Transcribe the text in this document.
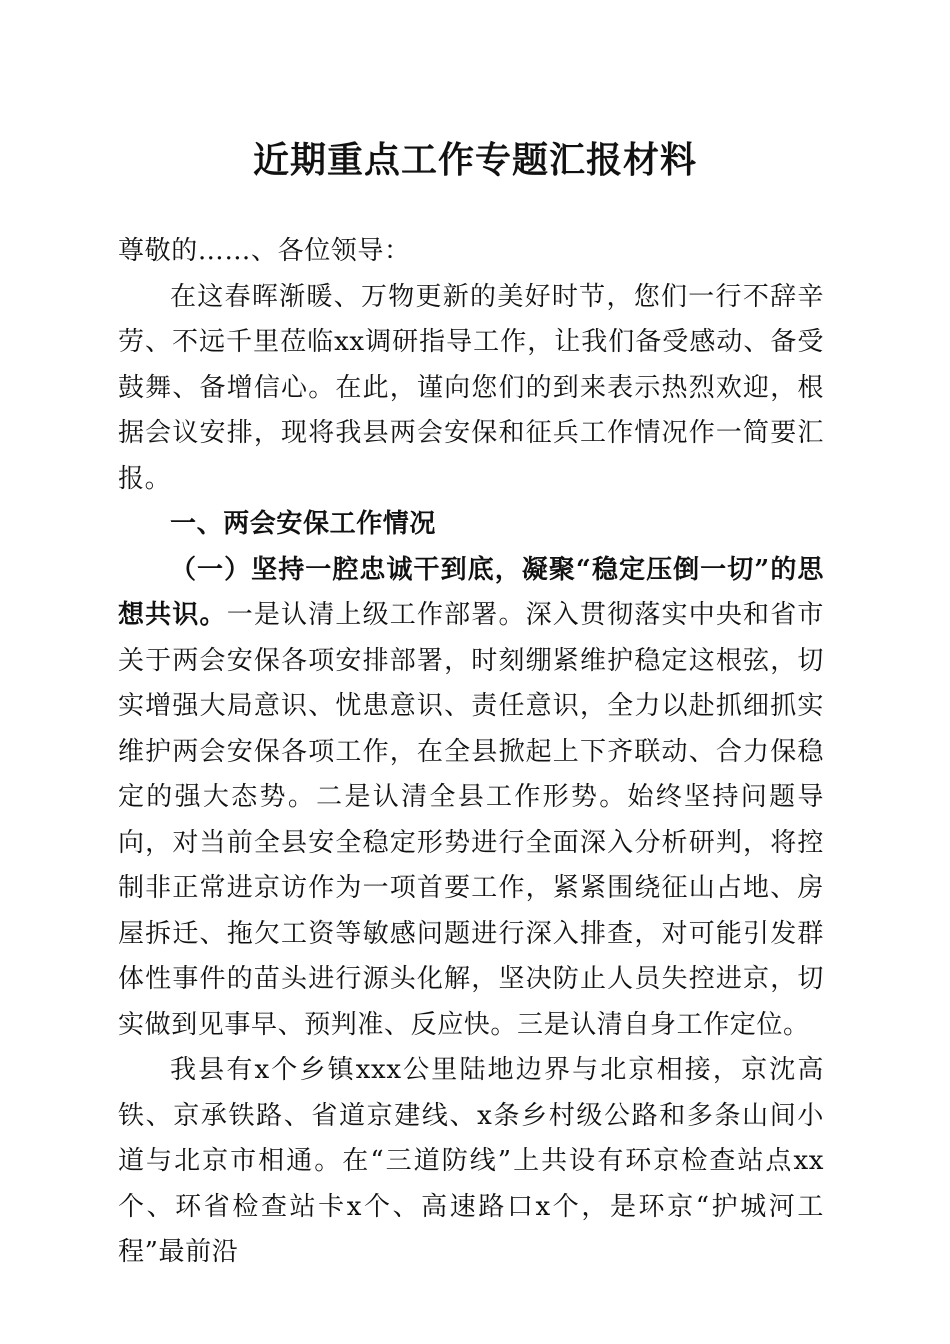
近期重点工作专题汇报材料

尊敬的……、各位领导：

在这春晖渐暖、万物更新的美好时节，您们一行不辞辛劳、不远千里莅临xx调研指导工作，让我们备受感动、备受鼓舞、备增信心。在此，谨向您们的到来表示热烈欢迎，根据会议安排，现将我县两会安保和征兵工作情况作一简要汇报。

一、两会安保工作情况

（一）坚持一腔忠诚干到底，凝聚“稳定压倒一切”的思想共识。一是认清上级工作部署。深入贯彻落实中央和省市关于两会安保各项安排部署，时刻绷紧维护稳定这根弦，切实增强大局意识、忧患意识、责任意识，全力以赴抓细抓实维护两会安保各项工作，在全县掀起上下齐联动、合力保稳定的强大态势。二是认清全县工作形势。始终坚持问题导向，对当前全县安全稳定形势进行全面深入分析研判，将控制非正常进京访作为一项首要工作，紧紧围绕征山占地、房屋拆迁、拖欠工资等敏感问题进行深入排查，对可能引发群体性事件的苗头进行源头化解，坚决防止人员失控进京，切实做到见事早、预判准、反应快。三是认清自身工作定位。

我县有x个乡镇xxx公里陆地边界与北京相接，京沈高铁、京承铁路、省道京建线、x条乡村级公路和多条山间小道与北京市相通。在“三道防线”上共设有环京检查站点xx个、环省检查站卡x个、高速路口x个，是环京“护城河工程”最前沿
